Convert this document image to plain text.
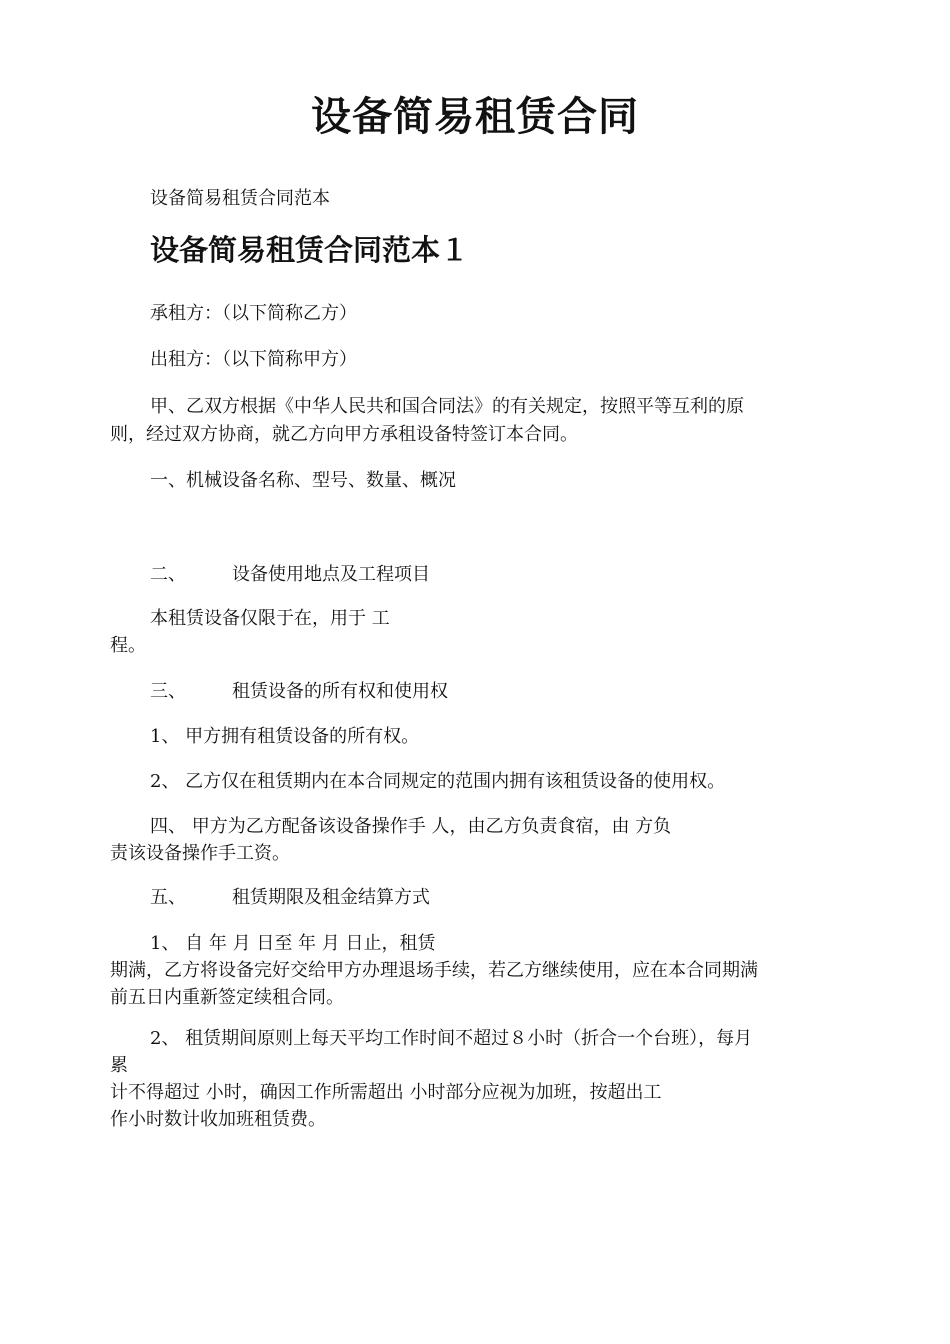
设备简易租赁合同
设备简易租赁合同范本
设备简易租赁合同范本１
承租方：（以下简称乙方）
出租方：（以下简称甲方）
甲、乙双方根据《中华人民共和国合同法》的有关规定，按照平等互利的原
则，经过双方协商，就乙方向甲方承租设备特签订本合同。
一、机械设备名称、型号、数量、概况
二、	设备使用地点及工程项目
本租赁设备仅限于在，用于 工
程。
三、	租赁设备的所有权和使用权
1、 甲方拥有租赁设备的所有权。
2、 乙方仅在租赁期内在本合同规定的范围内拥有该租赁设备的使用权。
四、 甲方为乙方配备该设备操作手 人，由乙方负责食宿，由 方负
责该设备操作手工资。
五、	租赁期限及租金结算方式
1、 自 年 月 日至 年 月 日止，租赁
期满，乙方将设备完好交给甲方办理退场手续，若乙方继续使用，应在本合同期满
前五日内重新签定续租合同。
2、 租赁期间原则上每天平均工作时间不超过８小时（折合一个台班），每月
累
计不得超过 小时，确因工作所需超出 小时部分应视为加班，按超出工
作小时数计收加班租赁费。
